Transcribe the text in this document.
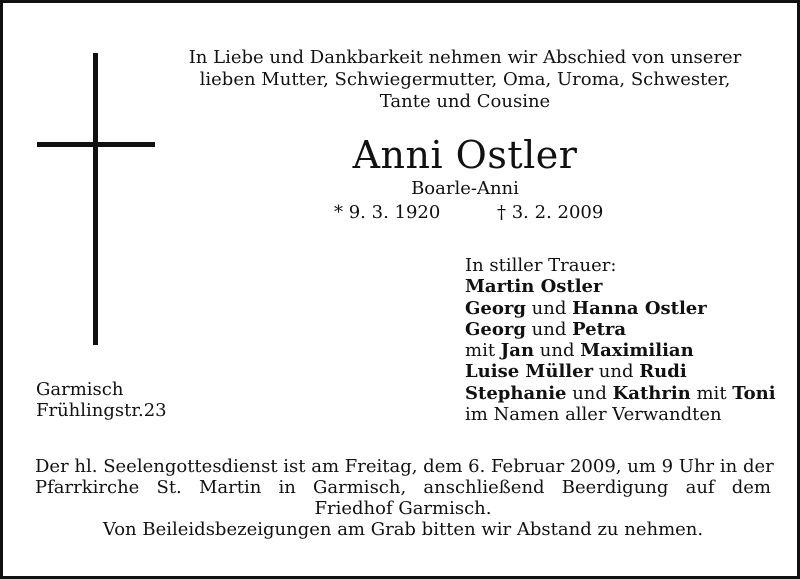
In Liebe und Dankbarkeit nehmen wir Abschied von unserer
lieben Mutter, Schwiegermutter, Oma, Uroma, Schwester,
Tante und Cousine
Anni Ostler
Boarle-Anni
* 9. 3. 1920	† 3. 2. 2009
In stiller Trauer:
Martin Ostler
Georg und Hanna Ostler
Georg und Petra
mit Jan und Maximilian
Luise Müller und Rudi
Stephanie und Kathrin mit Toni
im Namen aller Verwandten
Garmisch
Frühlingstr.23
Der hl. Seelengottesdienst ist am Freitag, dem 6. Februar 2009, um 9 Uhr in der
Pfarrkirche St. Martin in Garmisch, anschließend Beerdigung auf dem
Friedhof Garmisch.
Von Beileidsbezeigungen am Grab bitten wir Abstand zu nehmen.
